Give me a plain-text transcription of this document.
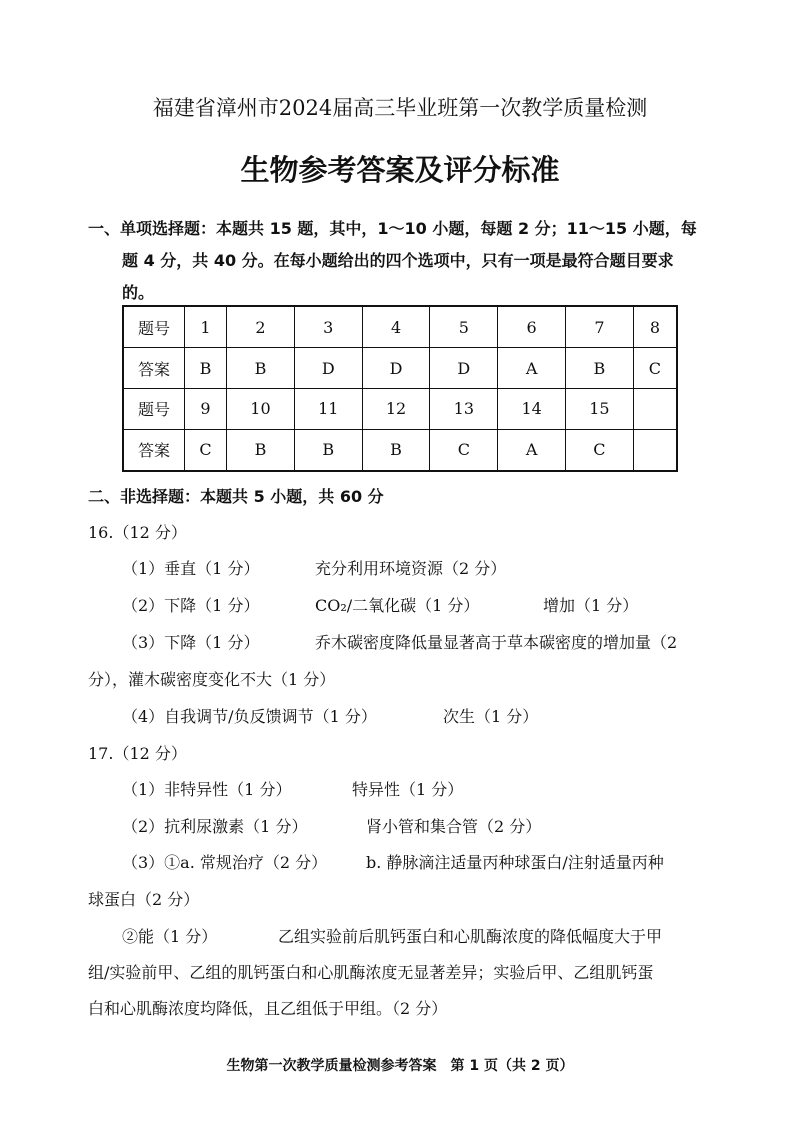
福建省漳州市2024届高三毕业班第一次教学质量检测
生物参考答案及评分标准
一、单项选择题：本题共 15 题，其中，1～10 小题，每题 2 分；11～15 小题，每
题 4 分，共 40 分。在每小题给出的四个选项中，只有一项是最符合题目要求
的。
题号	1	2	3	4	5	6	7	8
答案	B	B	D	D	D	A	B	C
题号	9	10	11	12	13	14	15	
答案	C	B	B	B	C	A	C	
二、非选择题：本题共 5 小题，共 60 分
16.（12 分）
（1）垂直（1 分）	充分利用环境资源（2 分）
（2）下降（1 分）	CO₂/二氧化碳（1 分）	增加（1 分）
（3）下降（1 分）	乔木碳密度降低量显著高于草本碳密度的增加量（2
分），灌木碳密度变化不大（1 分）
（4）自我调节/负反馈调节（1 分）	次生（1 分）
17.（12 分）
（1）非特异性（1 分）	特异性（1 分）
（2）抗利尿激素（1 分）	肾小管和集合管（2 分）
（3）①a. 常规治疗（2 分） b. 静脉滴注适量丙种球蛋白/注射适量丙种
球蛋白（2 分）
②能（1 分）	乙组实验前后肌钙蛋白和心肌酶浓度的降低幅度大于甲
组/实验前甲、乙组的肌钙蛋白和心肌酶浓度无显著差异；实验后甲、乙组肌钙蛋
白和心肌酶浓度均降低，且乙组低于甲组。（2 分）
生物第一次教学质量检测参考答案　第 1 页（共 2 页）
